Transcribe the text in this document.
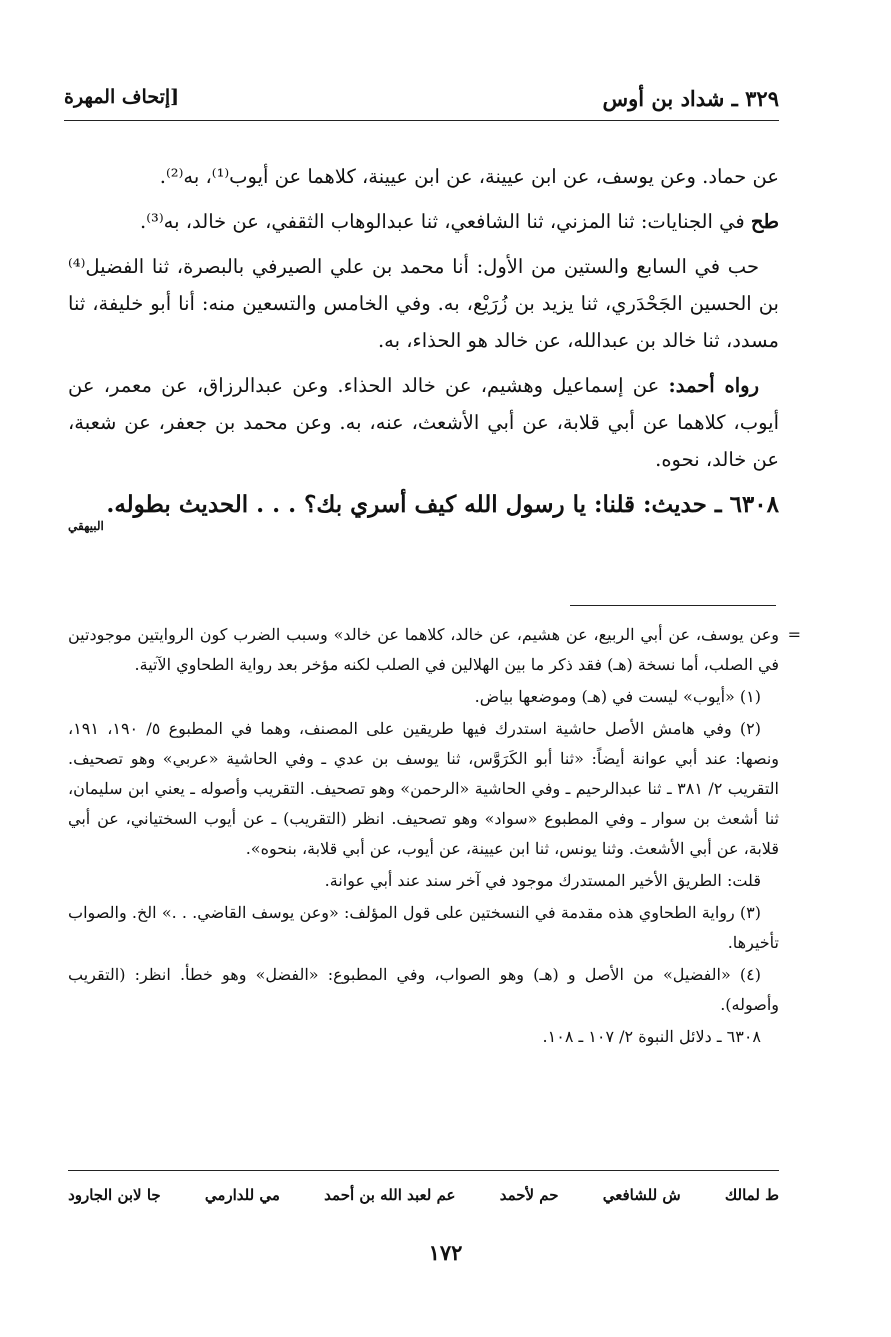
٣٢٩ ـ شداد بن أوس
[إتحاف المهرة

عن حماد. وعن يوسف، عن ابن عيينة، عن ابن عيينة، كلاهما عن أيوب⁽¹⁾، به⁽²⁾.

طح في الجنايات: ثنا المزني، ثنا الشافعي، ثنا عبدالوهاب الثقفي، عن خالد، به⁽³⁾.

حب في السابع والستين من الأول: أنا محمد بن علي الصيرفي بالبصرة، ثنا الفضيل⁽⁴⁾ بن الحسين الجَحْدَري، ثنا يزيد بن زُرَيْع، به. وفي الخامس والتسعين منه: أنا أبو خليفة، ثنا مسدد، ثنا خالد بن عبدالله، عن خالد هو الحذاء، به.

رواه أحمد: عن إسماعيل وهشيم، عن خالد الحذاء. وعن عبدالرزاق، عن معمر، عن أيوب، كلاهما عن أبي قلابة، عن أبي الأشعث، عنه، به. وعن محمد بن جعفر، عن شعبة، عن خالد، نحوه.

٦٣٠٨ ـ حديث: قلنا: يا رسول الله كيف أسري بك؟ . . . الحديث بطوله.
البيهقي

=
وعن يوسف، عن أبي الربيع، عن هشيم، عن خالد، كلاهما عن خالد» وسبب الضرب كون الروايتين موجودتين في الصلب، أما نسخة (هـ) فقد ذكر ما بين الهلالين في الصلب لكنه مؤخر بعد رواية الطحاوي الآتية.

(١) «أيوب» ليست في (هـ) وموضعها بياض.

(٢) وفي هامش الأصل حاشية استدرك فيها طريقين على المصنف، وهما في المطبوع ٥/ ١٩٠، ١٩١، ونصها: عند أبي عوانة أيضاً: «ثنا أبو الكَرَوَّس، ثنا يوسف بن عدي ـ وفي الحاشية «عربي» وهو تصحيف. التقريب ٢/ ٣٨١ ـ ثنا عبدالرحيم ـ وفي الحاشية «الرحمن» وهو تصحيف. التقريب وأصوله ـ يعني ابن سليمان، ثنا أشعث بن سوار ـ وفي المطبوع «سواد» وهو تصحيف. انظر (التقريب) ـ عن أيوب السختياني، عن أبي قلابة، عن أبي الأشعث. وثنا يونس، ثنا ابن عيينة، عن أيوب، عن أبي قلابة، بنحوه».

قلت: الطريق الأخير المستدرك موجود في آخر سند عند أبي عوانة.

(٣) رواية الطحاوي هذه مقدمة في النسختين على قول المؤلف: «وعن يوسف القاضي. . .» الخ. والصواب تأخيرها.

(٤) «الفضيل» من الأصل و (هـ) وهو الصواب، وفي المطبوع: «الفضل» وهو خطأ. انظر: (التقريب وأصوله).

٦٣٠٨ ـ دلائل النبوة ٢/ ١٠٧ ـ ١٠٨.

ط لمالك
ش للشافعي
حم لأحمد
عم لعبد الله بن أحمد
مي للدارمي
جا لابن الجارود
١٧٢
